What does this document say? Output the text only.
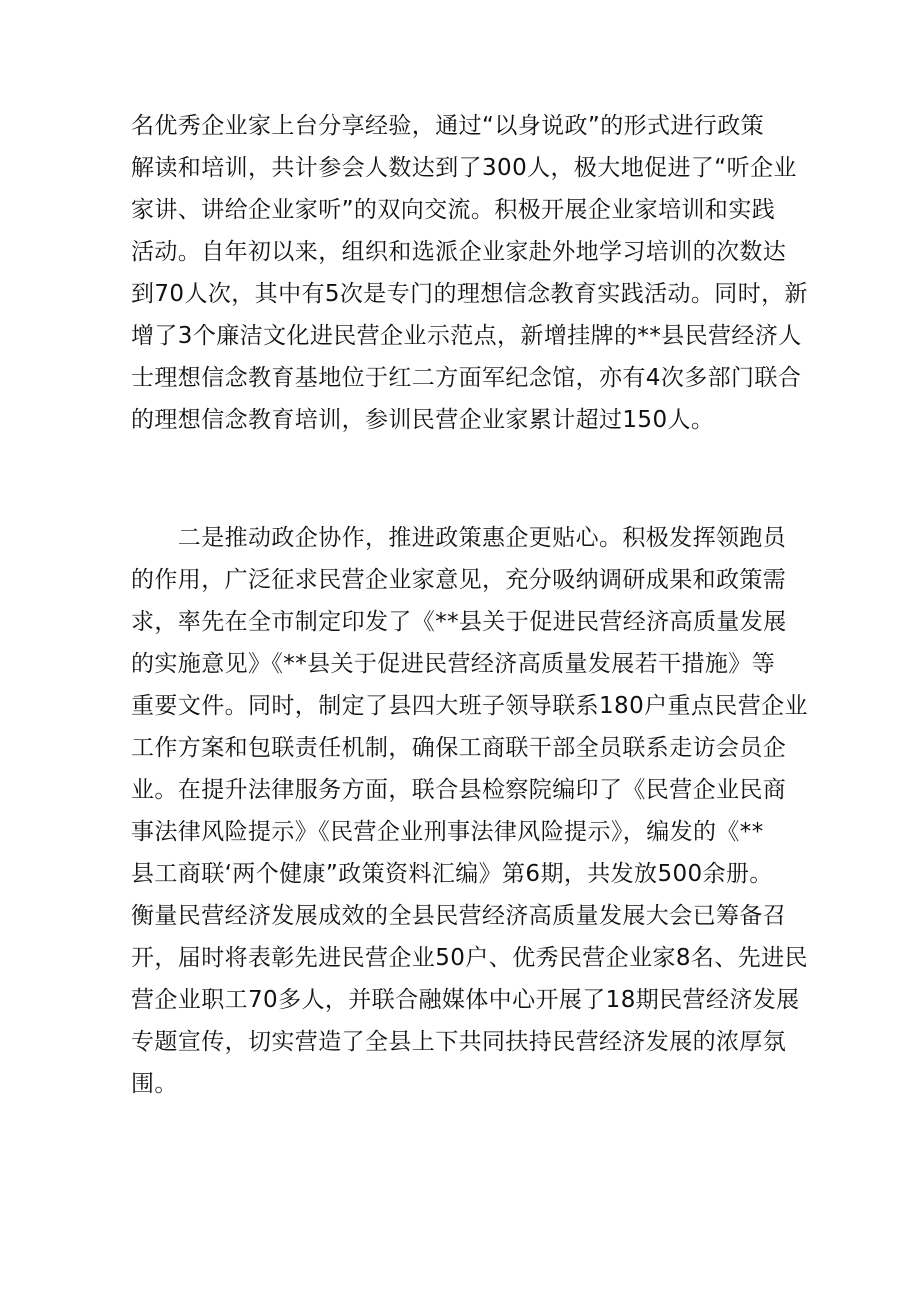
名优秀企业家上台分享经验，通过“以身说政”的形式进行政策
解读和培训，共计参会人数达到了300人，极大地促进了“听企业
家讲、讲给企业家听”的双向交流。积极开展企业家培训和实践
活动。自年初以来，组织和选派企业家赴外地学习培训的次数达
到70人次，其中有5次是专门的理想信念教育实践活动。同时，新
增了3个廉洁文化进民营企业示范点，新增挂牌的**县民营经济人
士理想信念教育基地位于红二方面军纪念馆，亦有4次多部门联合
的理想信念教育培训，参训民营企业家累计超过150人。

　　二是推动政企协作，推进政策惠企更贴心。积极发挥领跑员
的作用，广泛征求民营企业家意见，充分吸纳调研成果和政策需
求，率先在全市制定印发了《**县关于促进民营经济高质量发展
的实施意见》《**县关于促进民营经济高质量发展若干措施》等
重要文件。同时，制定了县四大班子领导联系180户重点民营企业
工作方案和包联责任机制，确保工商联干部全员联系走访会员企
业。在提升法律服务方面，联合县检察院编印了《民营企业民商
事法律风险提示》《民营企业刑事法律风险提示》，编发的《**
县工商联‘两个健康”政策资料汇编》第6期，共发放500余册。
衡量民营经济发展成效的全县民营经济高质量发展大会已筹备召
开，届时将表彰先进民营企业50户、优秀民营企业家8名、先进民
营企业职工70多人，并联合融媒体中心开展了18期民营经济发展
专题宣传，切实营造了全县上下共同扶持民营经济发展的浓厚氛
围。
